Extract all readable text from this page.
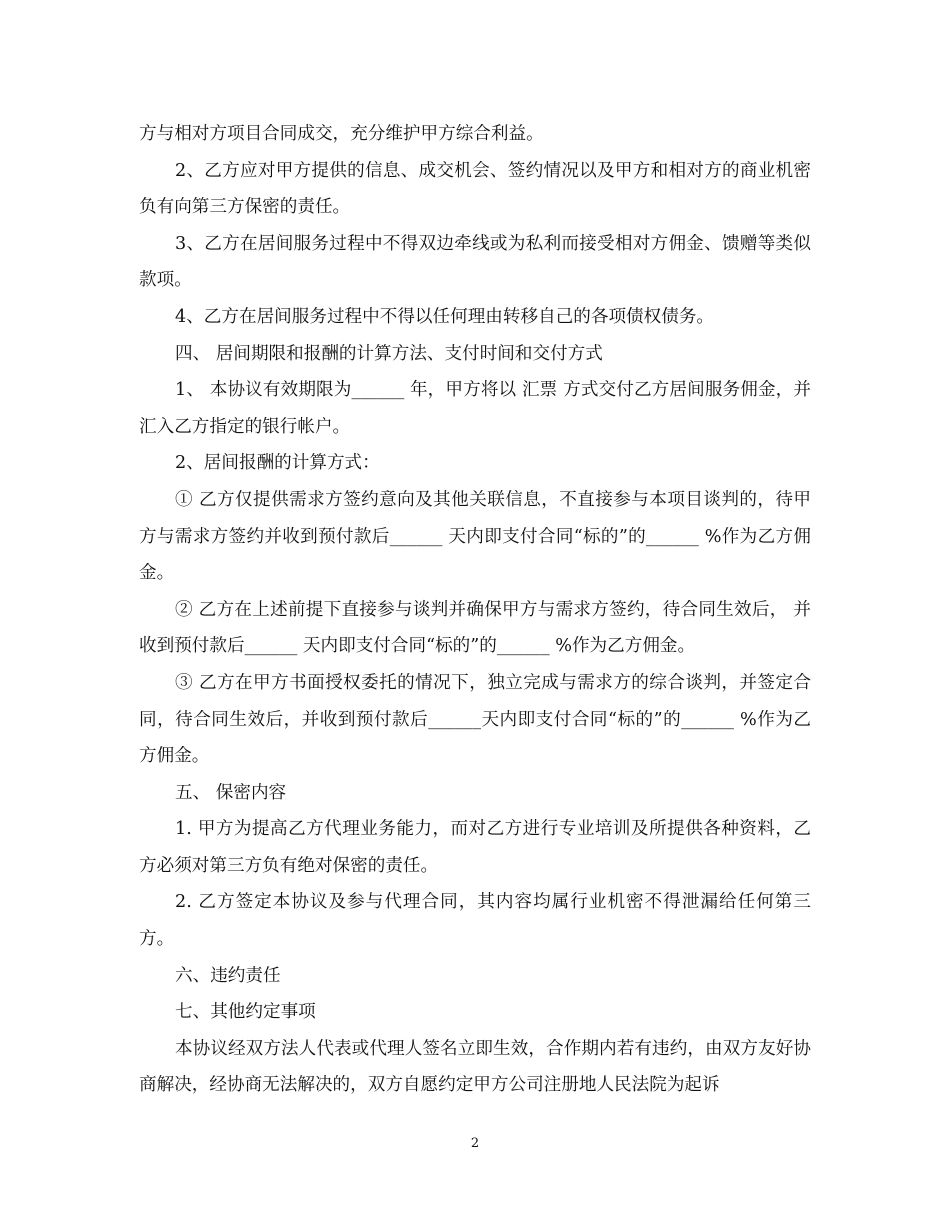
方与相对方项目合同成交，充分维护甲方综合利益。

2、乙方应对甲方提供的信息、成交机会、签约情况以及甲方和相对方的商业机密负有向第三方保密的责任。

3、乙方在居间服务过程中不得双边牵线或为私利而接受相对方佣金、馈赠等类似款项。

4、乙方在居间服务过程中不得以任何理由转移自己的各项债权债务。

四、 居间期限和报酬的计算方法、支付时间和交付方式

1、 本协议有效期限为______ 年，甲方将以 汇票 方式交付乙方居间服务佣金，并汇入乙方指定的银行帐户。

2、居间报酬的计算方式：

① 乙方仅提供需求方签约意向及其他关联信息，不直接参与本项目谈判的，待甲方与需求方签约并收到预付款后______ 天内即支付合同“标的”的______ %作为乙方佣金。

② 乙方在上述前提下直接参与谈判并确保甲方与需求方签约，待合同生效后， 并收到预付款后______ 天内即支付合同“标的”的______ %作为乙方佣金。

③ 乙方在甲方书面授权委托的情况下，独立完成与需求方的综合谈判，并签定合同，待合同生效后，并收到预付款后______天内即支付合同“标的”的______ %作为乙方佣金。

五、 保密内容

1. 甲方为提高乙方代理业务能力，而对乙方进行专业培训及所提供各种资料，乙方必须对第三方负有绝对保密的责任。

2. 乙方签定本协议及参与代理合同，其内容均属行业机密不得泄漏给任何第三方。

六、违约责任

七、其他约定事项

本协议经双方法人代表或代理人签名立即生效，合作期内若有违约，由双方友好协商解决，经协商无法解决的，双方自愿约定甲方公司注册地人民法院为起诉

2
